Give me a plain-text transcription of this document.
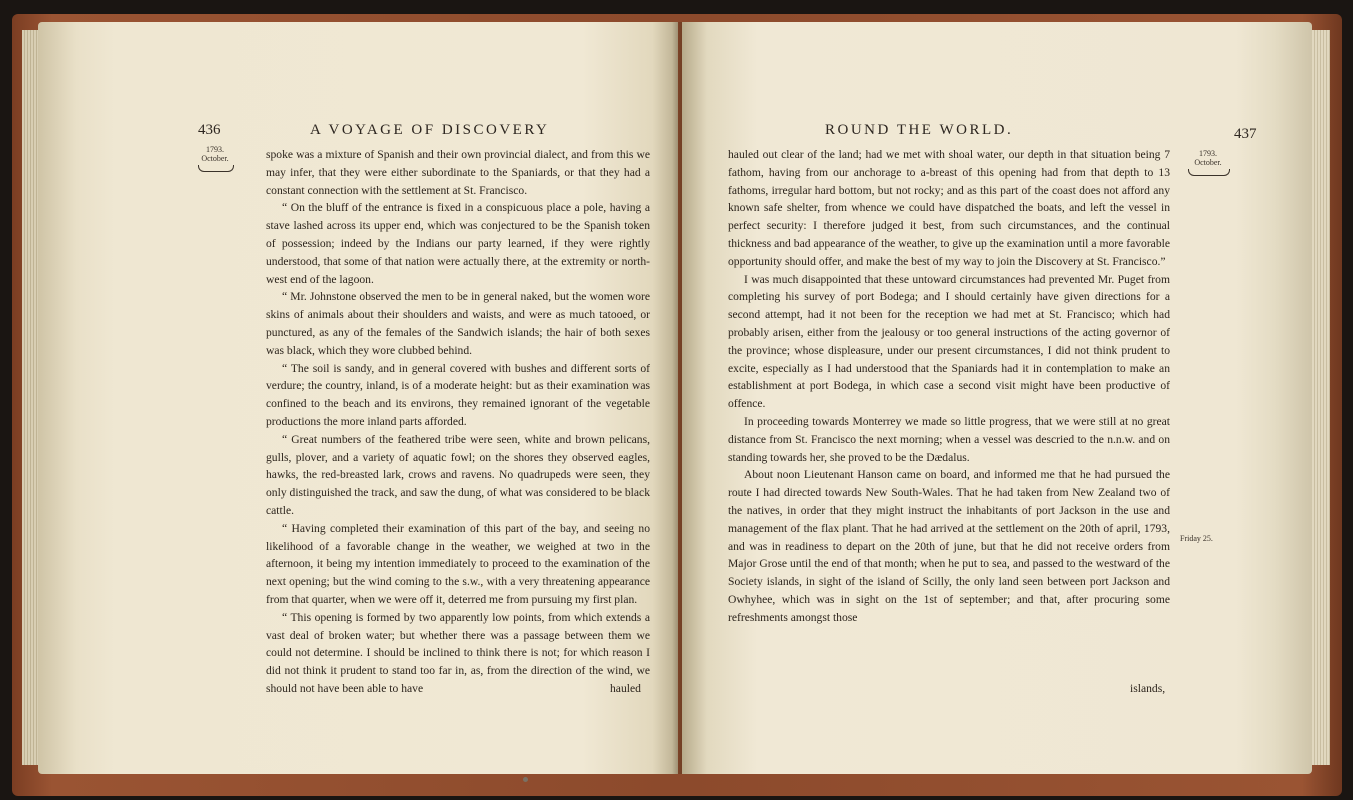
436	A VOYAGE OF DISCOVERY
1793.
October.	spoke was a mixture of Spanish and their own provincial dialect, and from this we may infer, that they were either subordinate to the Spaniards, or that they had a constant connection with the settlement at St. Francisco.

“ On the bluff of the entrance is fixed in a conspicuous place a pole, having a stave lashed across its upper end, which was conjectured to be the Spanish token of possession; indeed by the Indians our party learned, if they were rightly understood, that some of that nation were actually there, at the extremity or north-west end of the lagoon.

“ Mr. Johnstone observed the men to be in general naked, but the women wore skins of animals about their shoulders and waists, and were as much tatooed, or punctured, as any of the females of the Sandwich islands; the hair of both sexes was black, which they wore clubbed behind.

“ The soil is sandy, and in general covered with bushes and different sorts of verdure; the country, inland, is of a moderate height: but as their examination was confined to the beach and its environs, they remained ignorant of the vegetable productions the more inland parts afforded.

“ Great numbers of the feathered tribe were seen, white and brown pelicans, gulls, plover, and a variety of aquatic fowl; on the shores they observed eagles, hawks, the red-breasted lark, crows and ravens. No quadrupeds were seen, they only distinguished the track, and saw the dung, of what was considered to be black cattle.

“ Having completed their examination of this part of the bay, and seeing no likelihood of a favorable change in the weather, we weighed at two in the afternoon, it being my intention immediately to proceed to the examination of the next opening; but the wind coming to the s.w., with a very threatening appearance from that quarter, when we were off it, deterred me from pursuing my first plan.

“ This opening is formed by two apparently low points, from which extends a vast deal of broken water; but whether there was a passage between them we could not determine. I should be inclined to think there is not; for which reason I did not think it prudent to stand too far in, as, from the direction of the wind, we should not have been able to have	hauled
ROUND THE WORLD.	437

hauled out clear of the land; had we met with shoal water, our depth in that situation being 7 fathom, having from our anchorage to a-breast of this opening had from that depth to 13 fathoms, irregular hard bottom, but not rocky; and as this part of the coast does not afford any known safe shelter, from whence we could have dispatched the boats, and left the vessel in perfect security: I therefore judged it best, from such circumstances, and the continual thickness and bad appearance of the weather, to give up the examination until a more favorable opportunity should offer, and make the best of my way to join the Discovery at St. Francisco.”

I was much disappointed that these untoward circumstances had prevented Mr. Puget from completing his survey of port Bodega; and I should certainly have given directions for a second attempt, had it not been for the reception we had met at St. Francisco; which had probably arisen, either from the jealousy or too general instructions of the acting governor of the province; whose displeasure, under our present circumstances, I did not think prudent to excite, especially as I had understood that the Spaniards had it in contemplation to make an establishment at port Bodega, in which case a second visit might have been productive of offence.

In proceeding towards Monterrey we made so little progress, that we were still at no great distance from St. Francisco the next morning; when a vessel was descried to the n.n.w. and on standing towards her, she proved to be the Dædalus.

About noon Lieutenant Hanson came on board, and informed me that he had pursued the route I had directed towards New South-Wales. That he had taken from New Zealand two of the natives, in order that they might instruct the inhabitants of port Jackson in the use and management of the flax plant. That he had arrived at the settlement on the 20th of april, 1793, and was in readiness to depart on the 20th of june, but that he did not receive orders from Major Grose until the end of that month; when he put to sea, and passed to the westward of the Society islands, in sight of the island of Scilly, the only land seen between port Jackson and Owhyhee, which was in sight on the 1st of september; and that, after procuring some refreshments amongst those

1793.
October.
Friday 25.
islands,
